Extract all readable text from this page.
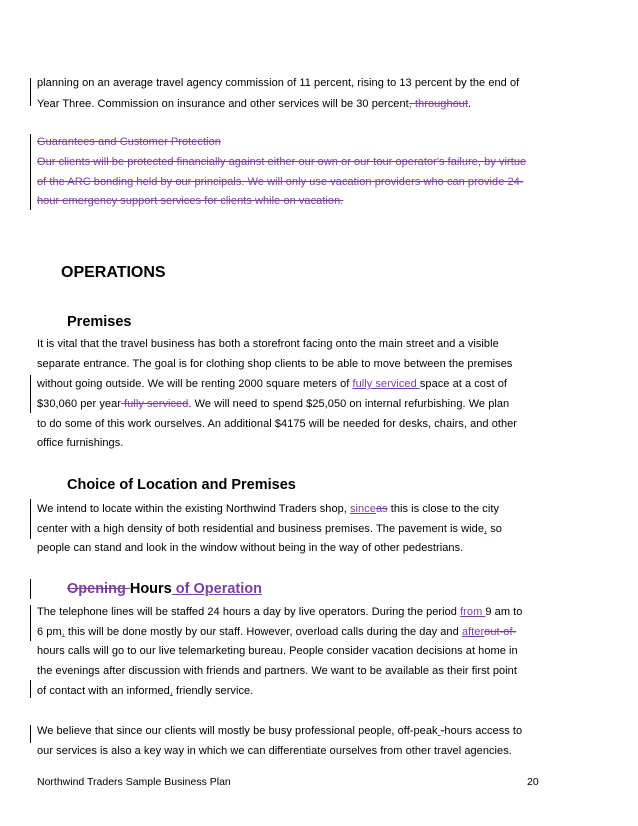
planning on an average travel agency commission of 11 percent, rising to 13 percent by the end of
Year Three. Commission on insurance and other services will be 30 percent, throughout.
Guarantees and Customer Protection
Our clients will be protected financially against either our own or our tour operator's failure, by virtue
of the ARC bonding held by our principals. We will only use vacation providers who can provide 24-
hour emergency support services for clients while on vacation.
OPERATIONS
Premises
It is vital that the travel business has both a storefront facing onto the main street and a visible
separate entrance. The goal is for clothing shop clients to be able to move between the premises
without going outside. We will be renting 2000 square meters of fully serviced space at a cost of
$30,060 per year fully serviced. We will need to spend $25,050 on internal refurbishing. We plan
to do some of this work ourselves. An additional $4175 will be needed for desks, chairs, and other
office furnishings.
Choice of Location and Premises
We intend to locate within the existing Northwind Traders shop, sinceas this is close to the city
center with a high density of both residential and business premises. The pavement is wide, so
people can stand and look in the window without being in the way of other pedestrians.
Opening Hours of Operation
The telephone lines will be staffed 24 hours a day by live operators. During the period from 9 am to
6 pm, this will be done mostly by our staff. However, overload calls during the day and afterout-of-
hours calls will go to our live telemarketing bureau. People consider vacation decisions at home in
the evenings after discussion with friends and partners. We want to be available as their first point
of contact with an informed, friendly service.
We believe that since our clients will mostly be busy professional people, off-peak -hours access to
our services is also a key way in which we can differentiate ourselves from other travel agencies.
Northwind Traders Sample Business Plan	20
